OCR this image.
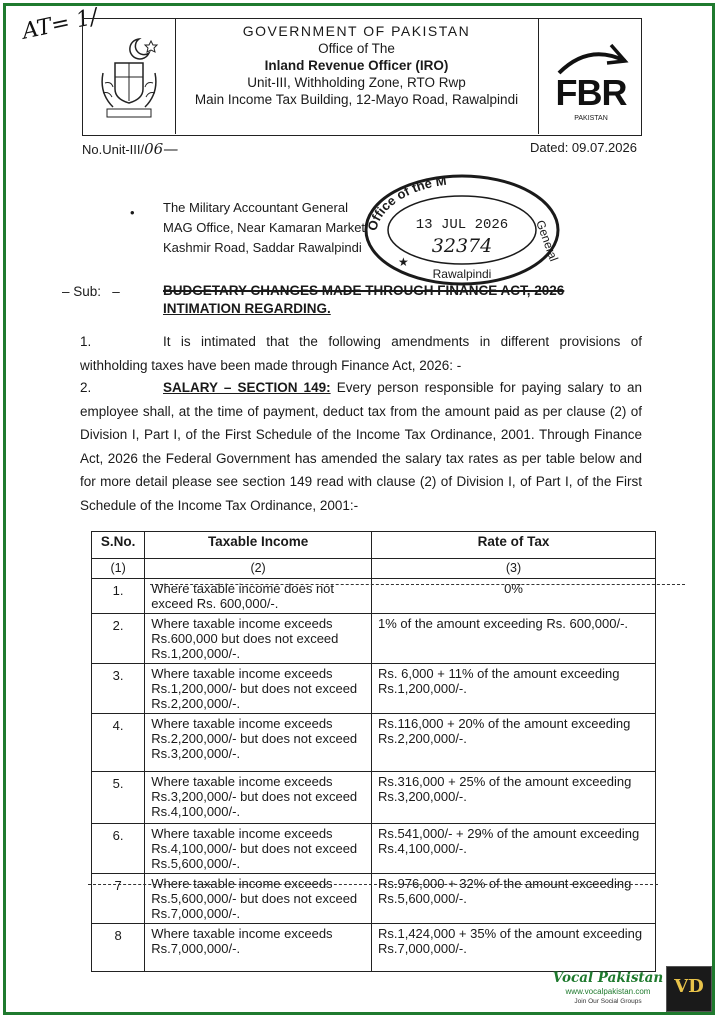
AT= 1/	GOVERNMENT OF PAKISTAN
Office of The
Inland Revenue Officer (IRO)
Unit-III, Withholding Zone, RTO Rwp
Main Income Tax Building, 12-Mayo Road, Rawalpindi	FBR
PAKISTAN
No.Unit-III/06—	Dated: 09.07.2026
• The Military Accountant General
MAG Office, Near Kamaran Market
Kashmir Road, Saddar Rawalpindi
Office of the M
General
13 JUL 2026
32374
Rawalpindi
★
– Sub:   –	BUDGETARY CHANGES MADE THROUGH FINANCE ACT, 2026
INTIMATION REGARDING.
1.	It is intimated that the following amendments in different provisions of withholding taxes have been made through Finance Act, 2026: -
2.	SALARY – SECTION 149: Every person responsible for paying salary to an employee shall, at the time of payment, deduct tax from the amount paid as per clause (2) of Division I, Part I, of the First Schedule of the Income Tax Ordinance, 2001. Through Finance Act, 2026 the Federal Government has amended the salary tax rates as per table below and for more detail please see section 149 read with clause (2) of Division I, of Part I, of the First Schedule of the Income Tax Ordinance, 2001:-
S.No.	Taxable Income	Rate of Tax
(1)	(2)	(3)
1.	Where taxable income does not exceed Rs. 600,000/-.	0%
2.	Where taxable income exceeds Rs.600,000 but does not exceed Rs.1,200,000/-.	1% of the amount exceeding Rs. 600,000/-.
3.	Where taxable income exceeds Rs.1,200,000/- but does not exceed Rs.2,200,000/-.	Rs. 6,000 + 11% of the amount exceeding Rs.1,200,000/-.
4.	Where taxable income exceeds Rs.2,200,000/- but does not exceed Rs.3,200,000/-.	Rs.116,000 + 20% of the amount exceeding Rs.2,200,000/-.
5.	Where taxable income exceeds Rs.3,200,000/- but does not exceed Rs.4,100,000/-.	Rs.316,000 + 25% of the amount exceeding Rs.3,200,000/-.
6.	Where taxable income exceeds Rs.4,100,000/- but does not exceed Rs.5,600,000/-.	Rs.541,000/- + 29% of the amount exceeding Rs.4,100,000/-.
7	Where taxable income exceeds Rs.5,600,000/- but does not exceed Rs.7,000,000/-.	Rs.976,000 + 32% of the amount exceeding Rs.5,600,000/-.
8	Where taxable income exceeds Rs.7,000,000/-.	Rs.1,424,000 + 35% of the amount exceeding Rs.7,000,000/-.
Vocal Pakistan
www.vocalpakistan.com
Join Our Social Groups
VD
